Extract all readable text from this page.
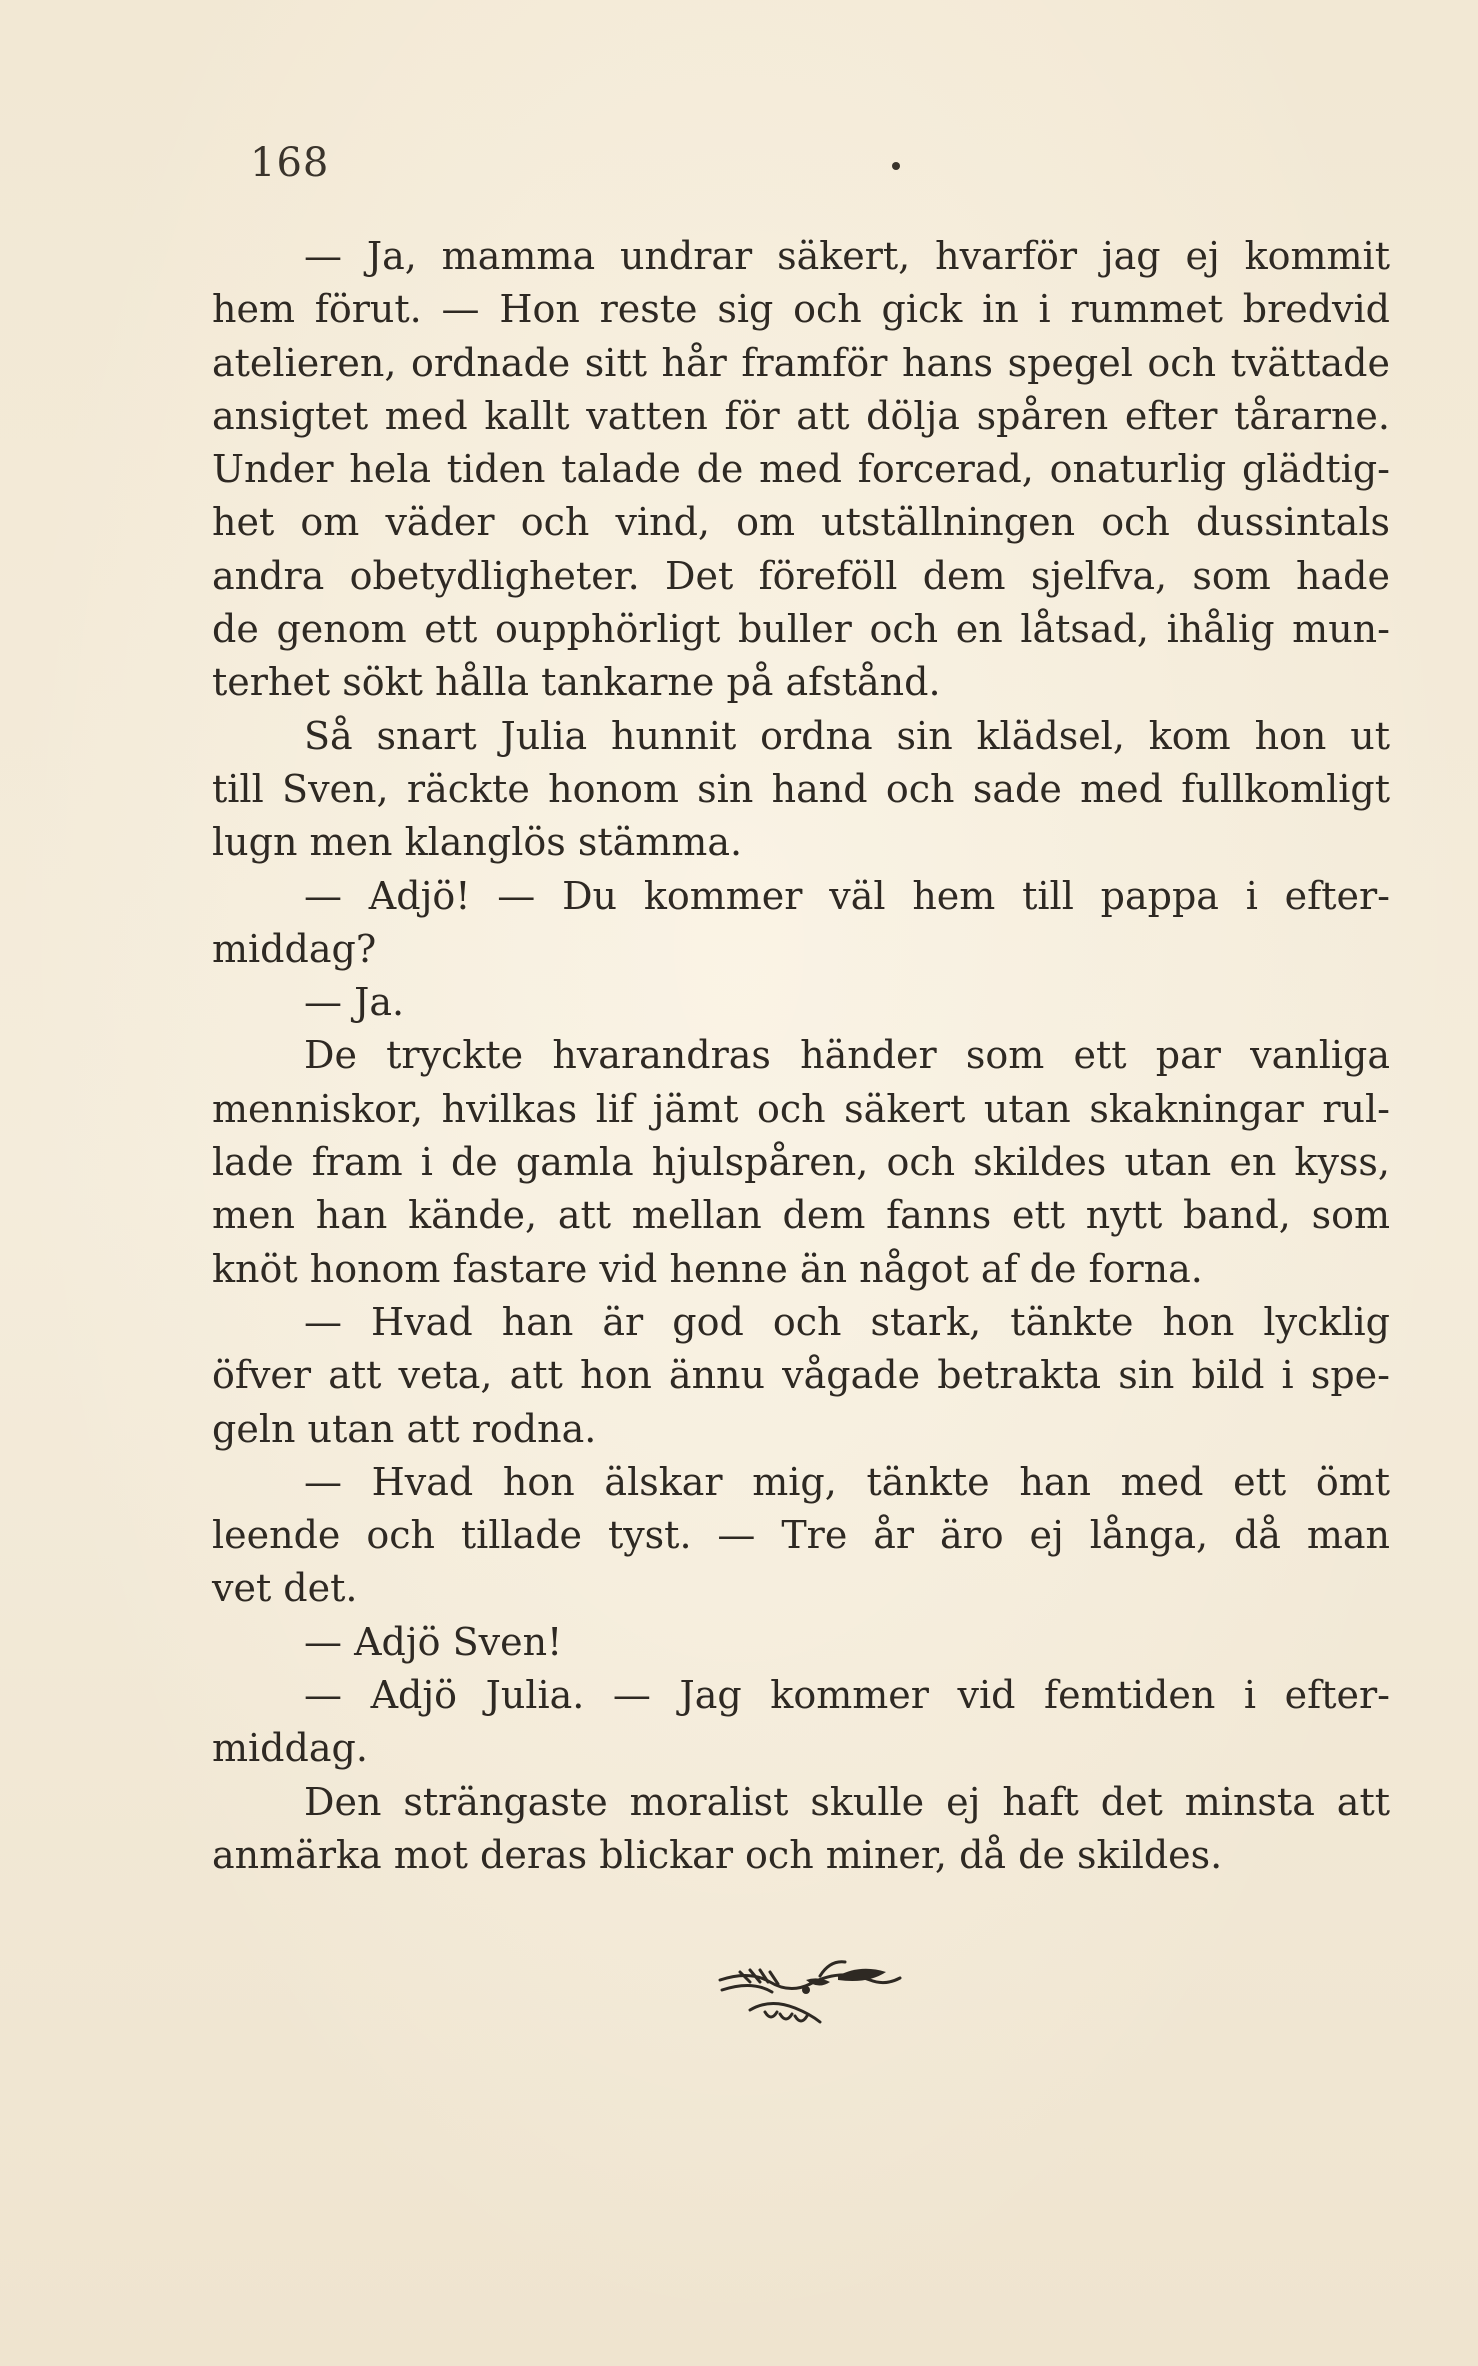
168
— Ja, mamma undrar säkert, hvarför jag ej kommit
hem förut. — Hon reste sig och gick in i rummet bredvid
atelieren, ordnade sitt hår framför hans spegel och tvättade
ansigtet med kallt vatten för att dölja spåren efter tårarne.
Under hela tiden talade de med forcerad, onaturlig glädtig-
het om väder och vind, om utställningen och dussintals
andra obetydligheter. Det föreföll dem sjelfva, som hade
de genom ett oupphörligt buller och en låtsad, ihålig mun-
terhet sökt hålla tankarne på afstånd.
Så snart Julia hunnit ordna sin klädsel, kom hon ut
till Sven, räckte honom sin hand och sade med fullkomligt
lugn men klanglös stämma.
— Adjö! — Du kommer väl hem till pappa i efter-
middag?
— Ja.
De tryckte hvarandras händer som ett par vanliga
menniskor, hvilkas lif jämt och säkert utan skakningar rul-
lade fram i de gamla hjulspåren, och skildes utan en kyss,
men han kände, att mellan dem fanns ett nytt band, som
knöt honom fastare vid henne än något af de forna.
— Hvad han är god och stark, tänkte hon lycklig
öfver att veta, att hon ännu vågade betrakta sin bild i spe-
geln utan att rodna.
— Hvad hon älskar mig, tänkte han med ett ömt
leende och tillade tyst. — Tre år äro ej långa, då man
vet det.
— Adjö Sven!
— Adjö Julia. — Jag kommer vid femtiden i efter-
middag.
Den strängaste moralist skulle ej haft det minsta att
anmärka mot deras blickar och miner, då de skildes.
